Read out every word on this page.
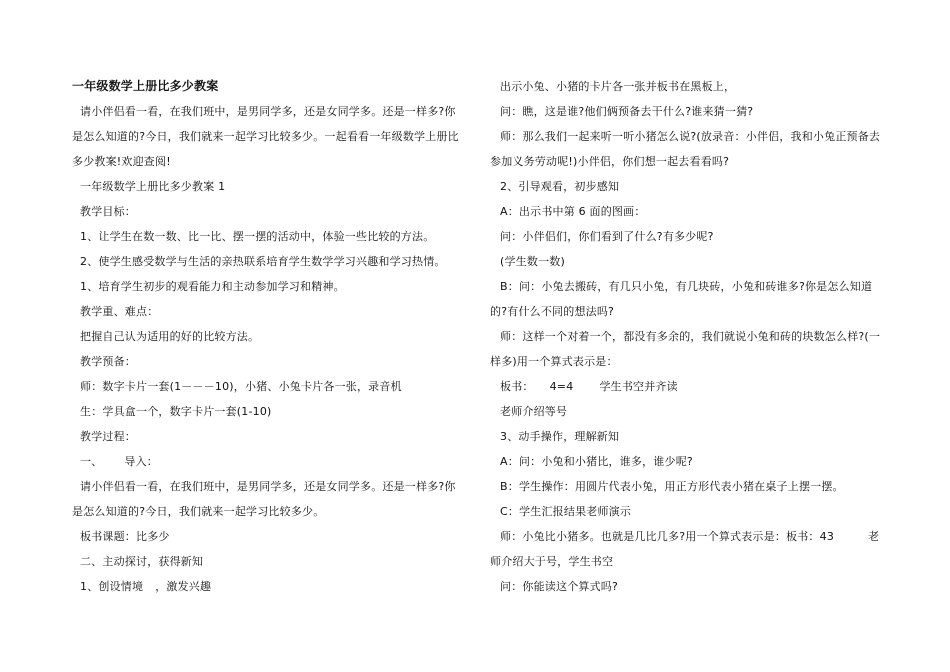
一年级数学上册比多少教案
请小伴侣看一看，在我们班中，是男同学多，还是女同学多。还是一样多?你
是怎么知道的?今日，我们就来一起学习比较多少。一起看看一年级数学上册比
多少教案!欢迎查阅!
一年级数学上册比多少教案 1
教学目标：
1、让学生在数一数、比一比、摆一摆的活动中，体验一些比较的方法。
2、使学生感受数学与生活的亲热联系培育学生数学学习兴趣和学习热情。
1、培育学生初步的观看能力和主动参加学习和精神。
教学重、难点：
把握自己认为适用的好的比较方法。
教学预备：
师：数字卡片一套(1－－－10)，小猪、小兔卡片各一张，录音机
生：学具盒一个，数字卡片一套(1-10)
教学过程：
一、 导入：
请小伴侣看一看，在我们班中，是男同学多，还是女同学多。还是一样多?你
是怎么知道的?今日，我们就来一起学习比较多少。
板书课题：比多少
二、主动探讨，获得新知
1、创设情境 ，激发兴趣
出示小兔、小猪的卡片各一张并板书在黑板上，
问：瞧，这是谁?他们俩预备去干什么?谁来猜一猜?
师：那么我们一起来听一听小猪怎么说?(放录音：小伴侣，我和小兔正预备去
参加义务劳动呢!)小伴侣，你们想一起去看看吗?
2、引导观看，初步感知
A：出示书中第 6 面的图画：
问：小伴侣们，你们看到了什么?有多少呢?
(学生数一数)
B：问：小兔去搬砖，有几只小兔，有几块砖，小兔和砖谁多?你是怎么知道
的?有什么不同的想法吗?
师：这样一个对着一个，都没有多余的，我们就说小兔和砖的块数怎么样?(一
样多)用一个算式表示是：
板书： 4=4 学生书空并齐读
老师介绍等号
3、动手操作，理解新知
A：问：小兔和小猪比，谁多，谁少呢?
B：学生操作：用圆片代表小兔，用正方形代表小猪在桌子上摆一摆。
C：学生汇报结果老师演示
师：小兔比小猪多。也就是几比几多?用一个算式表示是：板书：43	老
师介绍大于号，学生书空
问：你能读这个算式吗?
